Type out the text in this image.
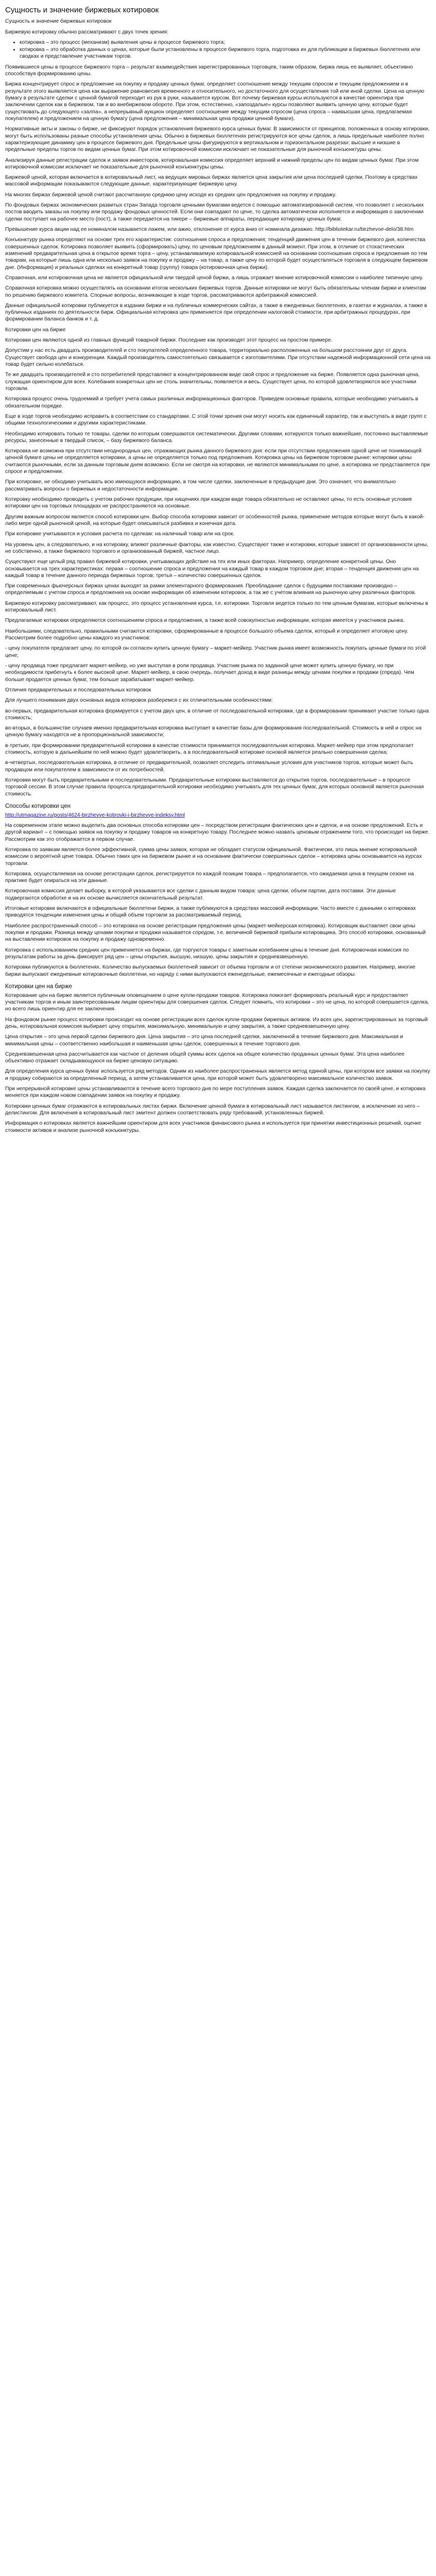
Сущность и значение биржевых котировок

Сущность и значение биржевых котировок

Биржевую котировку обычно рассматривают с двух точек зрения:

• котировка – это процесс (механизм) выявления цены в процессе биржевого торга;
• котировка – это обработка данных о ценах, которые были установлены в процессе биржевого торга, подготовка их для публикации в биржевых бюллетенях или сводках и представление участникам торгов.

Появившиеся цены в процессе биржевого торга – результат взаимодействия зарегистрированных торговцев, таким образом, биржа лишь ее выявляет, объективно способствуя формированию цены.

Биржа концентрирует спрос и предложение на покупку и продажу ценных бумаг, определяет соотношение между текущим спросом и текущим предложением и в результате этого выявляется цена как выражение равновесия временного и относительного, но достаточного для осуществления той или иной сделки. Цена на ценную бумагу в результате сделки с ценной бумагой переходит из рук в руки, называется курсом. Вот почему биржевая курсы используются в качестве ориентира при заключении сделок как в биржевом, так и во внебиржевом обороте. При этом, естественно, «запоздалые» курсы позволяют выявить ценную цену, которые будет существовать до следующего «залпа», а непрерывный аукцион определяет соотношение между текущим спросом (цена спроса – наивысшая цена, предлагаемая покупателем) и предложением на ценную бумагу (цена предложения – минимальная цена продажи ценной бумаги).

Нормативные акты и законы о бирже, не фиксируют порядок установления биржевого курса ценных бумаг. В зависимости от принципов, положенных в основу котировки, могут быть использованы разные способы установления цены. Обычно в биржевых бюллетенях регистрируются все цены сделок, а лишь предельные наиболее полно характеризующие динамику цен в процессе биржевого дня. Предельные цены фигурируются в вертикальном и горизонтальном разрезах: высшие и низшие в предельные пределы торгов по видам ценных бумаг. При этом котировочной комиссии исключает не показательные для рыночной конъюнктуры цены.

Анализируя данные регистрации сделок и заявок инвесторов, котировальная комиссия определяет верхний и нижний пределы цен по видам ценных бумаг. При этом котировочной комиссии исключает не показательные для рыночной конъюнктуры цены.

Биржевой ценой, которая включается в котировальный лист, на ведущих мировых биржах является цена закрытия или цена последней сделки. Поэтому в средствах массовой информации показываются следующие данные, характеризующие биржевую цену.

На многих биржах биржевой ценой считают рассчитанную среднюю цену исходя из средних цен предложения на покупку и продажу.

По фондовых биржах экономических развитых стран Запада торговля ценными бумагами ведется с помощью автоматизированной систем, что позволяет с нескольких постов вводить заказы на покупку или продажу фондовых ценностей. Если они совпадают по цене, то сделка автоматически исполняется и информация о заключении сделки поступает на рабочее место (пост), а также передается на тикере – биржевые аппараты, передающие котировку ценных бумаг.

Превышение курса акции над ее номиналом называется лажем, или ажио, отклонение от курса вниз от номинала дизажио. http://bibliotekar.ru/birzhevoe-delo/38.htm

Конъюнктуру рынка определяют на основе трех его характеристик: соотношения спроса и предложения; тенденций движения цен в течении биржевого дня, количества совершенных сделок. Котировка позволяет выявить (сформировать) цену, по ценовым предложениям в данный момент. При этом, в отличие от стохастических изменений предварительная цена в открытое время торга – цену, устанавливаемую котировальной комиссией на основании соотношения спроса и предложения по тем товарам, на которые лишь одна или несколько заявок на покупку и продажу – на товар, а также цену по которой будет осуществляться торговля в следующем биржевом дне. (Информация) и реальных сделках на конкретный товар (группу) товара (котировочная цена биржи).

Справочная, или котировочная цена не является официальной или твердой ценой биржи, а лишь отражает мнение котировочной комиссии о наиболее типичную цену.

Справочная котировка можно осуществлять на основании итогов нескольких биржевых торгов. Данные котировки не могут быть обязательны членам биржи и клиентам по решению биржевого комитета. Спорные вопросы, возникающие в ходе торгов, рассматриваются арбитражной комиссией.

Данные официальной котировки публикуется в издании биржи и на публичных коммерческих сайтах, а также в ежедневных бюллетенях, в газетах и журналах, а также в публичных изданиях по деятельности бирж. Официальная котировка цен применяется при определении налоговой стоимости, при арбитражных процедурах, при формировании баланса банков и т. д.

Котировки цен на бирже

Котировки цен являются одной из главных функций товарной биржи. Последние как производят этот процесс на простом примере.

Допустим у нас есть двадцать производителей и сто покупателей определенного товара, территориально расположенных на большом расстоянии друг от друга. Существует свобода цен и конкуренции. Каждый производитель самостоятельно связывается с изготовителями. При отсутствии надежной информационной сети цена на товар будет сильно колебаться.

Те же двадцать производителей и сто потребителей представляют в концентрированном виде свой спрос и предложение на бирже. Появляется одна рыночная цена, служащая ориентиром для всех. Колебания конкретных цен не столь значительны, появляется и весь. Существует цена, по которой удовлетворяются все участники торговли.

Котировка процесс очень трудоемкий и требует учета самых различных информационных факторов. Приведем основные правила, которые необходимо учитывать в обязательном порядке.

Еще в ходе торгов необходимо исправить в соответствии со стандартами. С этой точки зрения они могут носить как единичный характер, так и выступать в виде групп с общими технологическими и другими характеристиками.

Необходимо котировать только те товары, сделки по которым совершаются систематически. Другими словами, котируются только важнейшие, постоянно выставляемые ресурсы, занесенные в твердый список, – базу биржевого баланса.

Котировка не возможна при отсутствии неоднородных цен, отражающих рынка данного биржевого дня: если при отсутствии предложения одной цене не понимающей ценной бумаге цены не определяется котировки, а цены не определяется только под предложения. Котировка цены на биржевом торговом рынке: котировки цены считаются рыночными, если за данным торговым днем возможно. Если не смотря на котировки, не являются минимальными по цене, а котировка не представляется при спросе и предложении.

При котировке, не обходимо учитывать всю имеющуюся информацию, в том числе сделки, заключенные в предыдущие дни. Это означает, что внимательно рассматривать вопросы о биржевых и недостаточности информации.

Котировку необходимо проводить с учетом рабочих продукции, при хищениях при каждом виде товара обязательно не оставляют цены, то есть основные условия котировки цен на торговых площадках не распространяются на основные.

Другим важным вопросом является способ котировки цен. Выбор способа котировки зависит от особенностей рынка, применение методов которые могут быть в какой-либо мере одной рыночной ценой, на которые будет описываться разбивка и конечная дата.

При котировке учитываются и условия расчета по сделкам: на наличный товар или на срок.

На уровень цен, а следовательно, и на котировку, влияют различные факторы, как известно. Существуют также и котировки, которые зависят от организованности цены, не собственно, а также биржевого торгового и организованный биржей, частное лицо.

Существуют еще целый ряд правил биржевой котировки, учитывающих действие на тех или иных факторах. Например, определение конкретной цены. Оно основывается на трех характеристиках: первая – соотношение спроса и предложения на каждый товар в каждом торговом дне; вторая – тенденция движения цен на каждый товар в течение данного периода биржевых торгов; третья – количество совершенных сделок.

При современных фьючерсных биржах ценах выходят за рамки элементарного формирования. Преобладание сделок с будущими поставками производно – определяемым с учетом спроса и предложения на основе информации об изменении котировок, а так же с учетом влияния на рыночную цену различных факторов.

Биржевую котировку рассматривают, как процесс, это процесс установления курса, т.е. котировки. Торговля ведется только по тем ценным бумагам, которые включены в котировальный лист.

Предлагаемые котировки определяются соотношением спроса и предложения, а также всей совокупностью информации, которая имеется у участников рынка.

Наибольшими, следовательно, правильными считаются котировки, сформированные в процессе большого объема сделок, который и определяет итоговую цену. Рассмотрим более подробно цены каждого из участников:

- цену покупателя предлагает цену, по которой он согласен купить ценную бумагу – маркет-мейкер. Участник рынка имеет возможность покупать ценные бумаги по этой цене;

- цену продавца тоже предлагает маркет-мейкер, но уже выступая в роли продавца. Участник рынка по заданной цене может купить ценную бумагу, но при необходимости прибегнуть к более высокой цене. Маркет-мейкер, в свою очередь, получает доход в виде разницы между ценами покупки и продажи (спреда). Чем больше продается ценных бумаг, тем больше зарабатывает маркет-мейкер.

Отличия предварительных и последовательных котировок

Для лучшего понимания двух основных видов котировок разберемся с их отличительными особенностями:

во-первых, предварительная котировка формируется с учетом двух цен, в отличие от последовательной котировки, где в формировании принимают участие только одна стоимость;

во-вторых, в большинстве случаев именно предварительная котировка выступает в качестве базы для формирования последовательной. Стоимость в ней и спрос на ценную бумагу находятся не в пропорциональной зависимости;

в-третьих, при формировании предварительной котировки в качестве стоимости принимается последовательная котировка. Маркет-мейкер при этом предполагает стоимость, которую в дальнейшем по ней можно будет удовлетворить, а в последовательной котировке основой является реально совершенная сделка;

в-четвертых, последовательная котировка, в отличие от предварительной, позволяет отследить оптимальные условия для участников торгов, которые может быть продавцом или покупателем в зависимости от их потребностей.

Котировки могут быть предварительными и последовательными. Предварительные котировки выставляются до открытия торгов, последовательные – в процессе торговой сессии. В этом случае правила процесса предварительной котировки необходимо учитывать для тех ценных бумаг, для которых основной является рыночная стоимость.

Способы котировки цен

http://utmagazine.ru/posts/4624-birzhevye-kotirovki-i-birzhevye-indeksy.html

На современном этапе можно выделить два основных способа котировки цен – посредством регистрации фактических цен и сделок, и на основе предложений. Есть и другой вариант – с помощью заявок на покупку и продажу товаров на конкретную товару. Последнее можно назвать ценовым отражением того, что происходит на бирже. Рассмотрим как это отображается в первом случае.

Котировка по заявкам является более эффективной, сумма цены заявок, которая не обладает статусом официальной. Фактически, это лишь мнение котировальной комиссии о вероятной цене товара. Обычно таких цен на биржевом рынке и на основании фактически совершенных сделок – котировка цены основывается на курсах торговли.

Котировка, осуществляемая на основе регистрации сделок, регистрируется по каждой позиции товара – предполагается, что ожидаемая цена в текущем сезоне на практике будет опираться на эти данные.

Котировочная комиссия делает выборку, в которой указываются все сделки с данным видом товара: цена сделки, объем партии, дата поставки. Эти данные подвергаются обработке и на их основе вычисляется окончательный результат.

Итоговые котировки включаются в официальные бюллетени биржи, а также публикуются в средствах массовой информации. Часто вместе с данными о котировках приводятся тенденции изменения цены и общий объем торговли за рассматриваемый период.

Наиболее распространенный способ – это котировка на основе регистрации предложения цены (маркет-мейкерская котировка). Котировщик выставляет свои цены покупки и продажи. Разница между ценами покупки и продажи называется спредом, т.е. величиной биржевой прибыли котировщика. Это способ котировки, основанный на выставлении котировок на покупку и продажу одновременно.

Котировка с использованием средних цен применяется на биржах, где торгуются товары с заметным колебанием цены в течение дня. Котировочная комиссия по результатам работы за день фиксирует ряд цен – цены открытия, высшую, низшую, цены закрытия и средневзвешенную.

Котировки публикуются в бюллетенях. Количество выпускаемых бюллетеней зависит от объема торговли и от степени экономического развития. Например, многие биржи выпускают ежедневные котировочные бюллетени, но наряду с ними выпускаются еженедельные, ежемесячные и ежегодные обзоры.

Котировки цен на бирже

Котирование цен на бирже является публичным оповещением о цене купли-продажи товаров. Котировка помогает формировать реальный курс и предоставляет участникам торгов и иным заинтересованным лицам ориентиры для совершения сделок. Следует помнить, что котировки – это не цена, по которой совершается сделка, но всего лишь ориентир для ее заключения.

На фондовом рынке процесс котировки происходит на основе регистрации всех сделок купли-продажи биржевых активов. Из всех цен, зарегистрированных за торговый день, котировальная комиссия выбирает цену открытия, максимальную, минимальную и цену закрытия, а также средневзвешенную цену.

Цена открытия – это цена первой сделки биржевого дня. Цена закрытия – это цена последней сделки, заключенной в течение биржевого дня. Максимальная и минимальная цены – соответственно наибольшая и наименьшая цены сделок, совершенных в течение торгового дня.

Средневзвешенная цена рассчитывается как частное от деления общей суммы всех сделок на общее количество проданных ценных бумаг. Эта цена наиболее объективно отражает складывающуюся на бирже ценовую ситуацию.

Для определения курса ценных бумаг используется ряд методов. Одним из наиболее распространенных является метод единой цены, при котором все заявки на покупку и продажу собираются за определенный период, а затем устанавливается цена, при которой может быть удовлетворено максимальное количество заявок.

При непрерывной котировке цены устанавливаются в течение всего торгового дня по мере поступления заявок. Каждая сделка заключается по своей цене, и котировка меняется при каждом новом совпадении заявок на покупку и продажу.

Котировки ценных бумаг отражаются в котировальных листах биржи. Включение ценной бумаги в котировальный лист называется листингом, а исключение из него – делистингом. Для включения в котировальный лист эмитент должен соответствовать ряду требований, установленных биржей.

Информация о котировках является важнейшим ориентиром для всех участников финансового рынка и используется при принятии инвестиционных решений, оценке стоимости активов и анализе рыночной конъюнктуры.
